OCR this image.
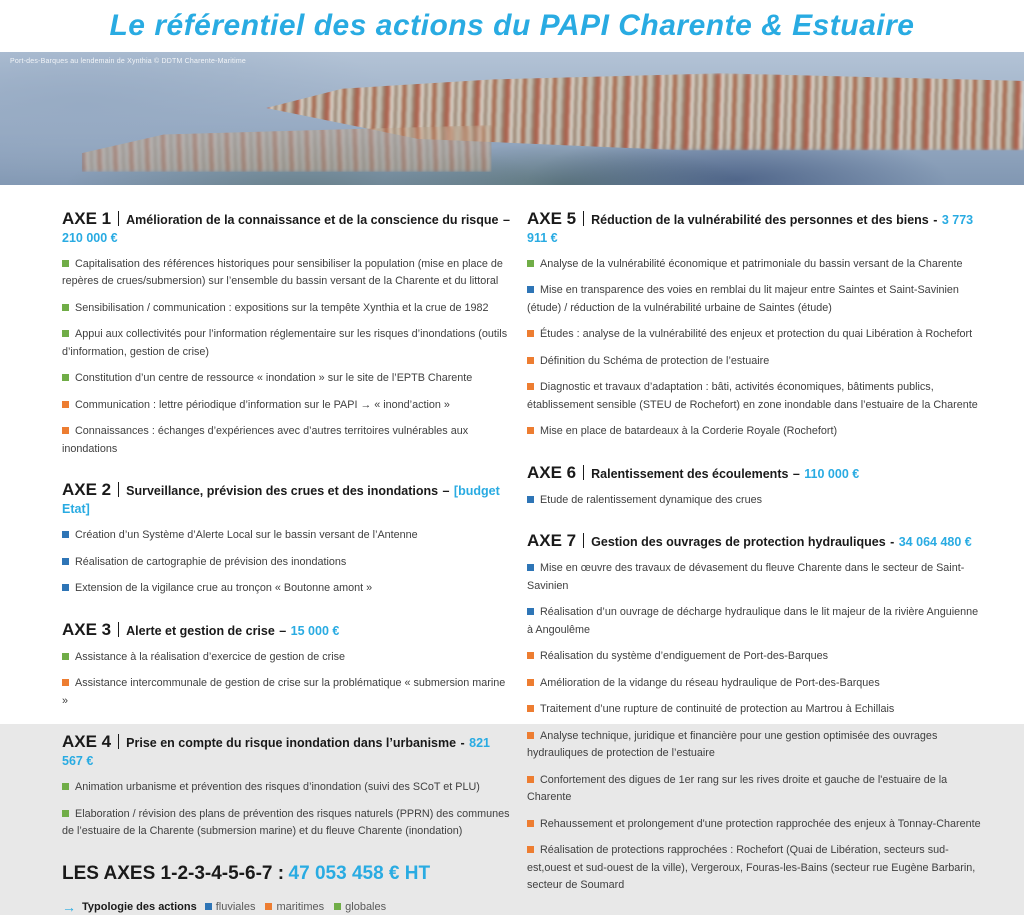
Le référentiel des actions du PAPI Charente & Estuaire
Port-des-Barques au lendemain de Xynthia © DDTM Charente-Maritime
AXE 1 Amélioration de la connaissance et de la conscience du risque – 210 000 €
Capitalisation des références historiques pour sensibiliser la population (mise en place de repères de crues/submersion) sur l’ensemble du bassin versant de la Charente et du littoral
Sensibilisation / communication : expositions sur la tempête Xynthia et la crue de 1982
Appui aux collectivités pour l’information réglementaire sur les risques d’inondations (outils d’information, gestion de crise)
Constitution d’un centre de ressource « inondation » sur le site de l’EPTB Charente
Communication : lettre périodique d’information sur le PAPI → « inond’action »
Connaissances : échanges d’expériences avec d’autres territoires vulnérables aux inondations
AXE 2 Surveillance, prévision des crues et des inondations – [budget Etat]
Création d’un Système d’Alerte Local sur le bassin versant de l’Antenne
Réalisation de cartographie de prévision des inondations
Extension de la vigilance crue au tronçon « Boutonne amont »
AXE 3 Alerte et gestion de crise – 15 000 €
Assistance à la réalisation d’exercice de gestion de crise
Assistance intercommunale de gestion de crise sur la problématique « submersion marine »
AXE 4 Prise en compte du risque inondation dans l’urbanisme - 821 567 €
Animation urbanisme et prévention des risques d’inondation (suivi des SCoT et PLU)
Elaboration / révision des plans de prévention des risques naturels (PPRN) des communes de l’estuaire de la Charente (submersion marine) et du fleuve Charente (inondation)
LES AXES 1-2-3-4-5-6-7 : 47 053 458 € HT
→ Typologie des actions fluviales maritimes globales
AXE 5 Réduction de la vulnérabilité des personnes et des biens - 3 773 911 €
Analyse de la vulnérabilité économique et patrimoniale du bassin versant de la Charente
Mise en transparence des voies en remblai du lit majeur entre Saintes et Saint-Savinien (étude) / réduction de la vulnérabilité urbaine de Saintes (étude)
Études : analyse de la vulnérabilité des enjeux et protection du quai Libération à Rochefort
Définition du Schéma de protection de l’estuaire
Diagnostic et travaux d’adaptation : bâti, activités économiques, bâtiments publics, établissement sensible (STEU de Rochefort) en zone inondable dans l’estuaire de la Charente
Mise en place de batardeaux à la Corderie Royale (Rochefort)
AXE 6 Ralentissement des écoulements – 110 000 €
Etude de ralentissement dynamique des crues
AXE 7 Gestion des ouvrages de protection hydrauliques - 34 064 480 €
Mise en œuvre des travaux de dévasement du fleuve Charente dans le secteur de Saint-Savinien
Réalisation d’un ouvrage de décharge hydraulique dans le lit majeur de la rivière Anguienne à Angoulême
Réalisation du système d’endiguement de Port-des-Barques
Amélioration de la vidange du réseau hydraulique de Port-des-Barques
Traitement d’une rupture de continuité de protection au Martrou à Echillais
Analyse technique, juridique et financière pour une gestion optimisée des ouvrages hydrauliques de protection de l’estuaire
Confortement des digues de 1er rang sur les rives droite et gauche de l'estuaire de la Charente
Rehaussement et prolongement d'une protection rapprochée des enjeux à Tonnay-Charente
Réalisation de protections rapprochées : Rochefort (Quai de Libération, secteurs sud-est,ouest et sud-ouest de la ville), Vergeroux, Fouras-les-Bains (secteur rue Eugène Barbarin, secteur de Soumard
